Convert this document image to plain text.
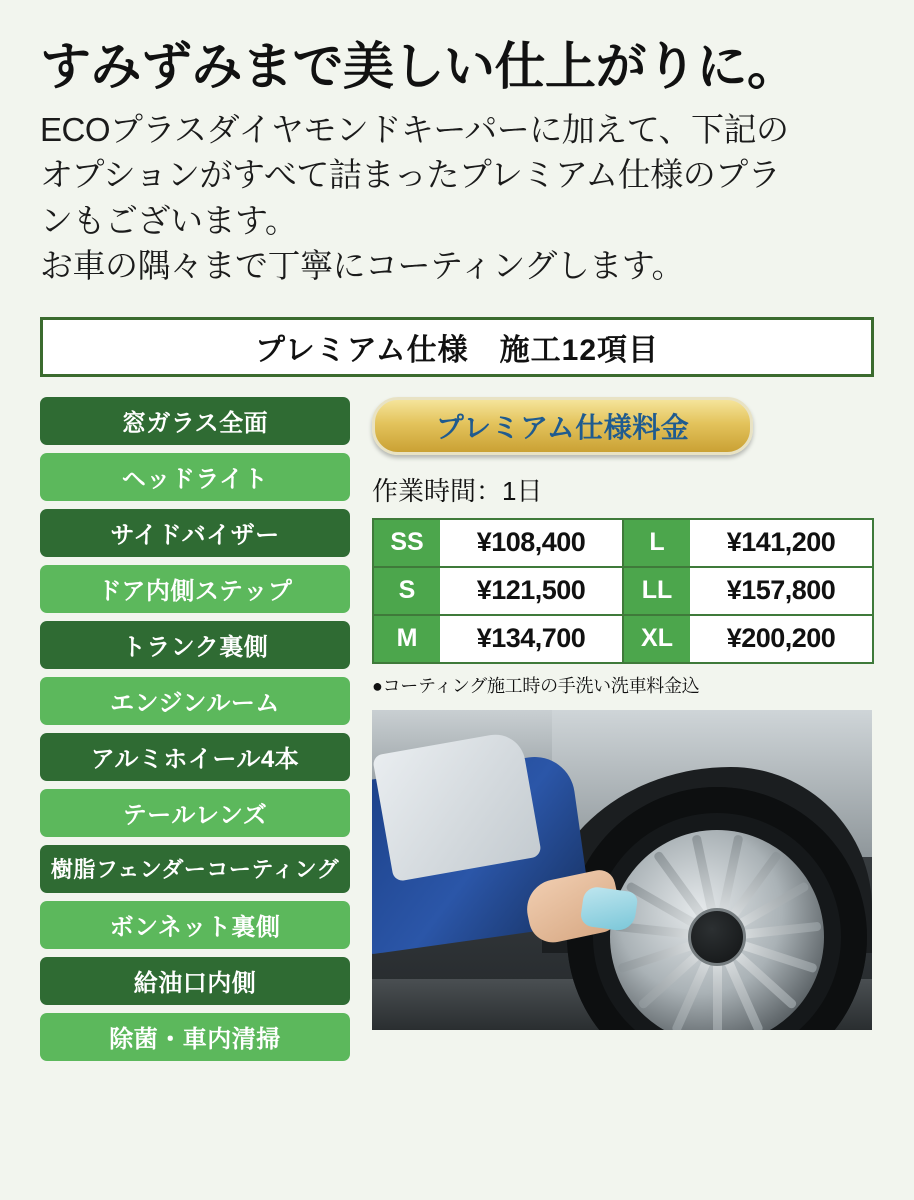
すみずみまで美しい仕上がりに。

ECOプラスダイヤモンドキーパーに加えて、下記の

オプションがすべて詰まったプレミアム仕様のプラ

ンもございます。

お車の隅々まで丁寧にコーティングします。

プレミアム仕様　施工12項目
窓ガラス全面
ヘッドライト
サイドバイザー
ドア内側ステップ
トランク裏側
エンジンルーム
アルミホイール4本
テールレンズ
樹脂フェンダーコーティング
ボンネット裏側
給油口内側
除菌・車内清掃
プレミアム仕様料金
作業時間：1日
SS	¥108,400	L	¥141,200
S	¥121,500	LL	¥157,800
M	¥134,700	XL	¥200,200
●コーティング施工時の手洗い洗車料金込
